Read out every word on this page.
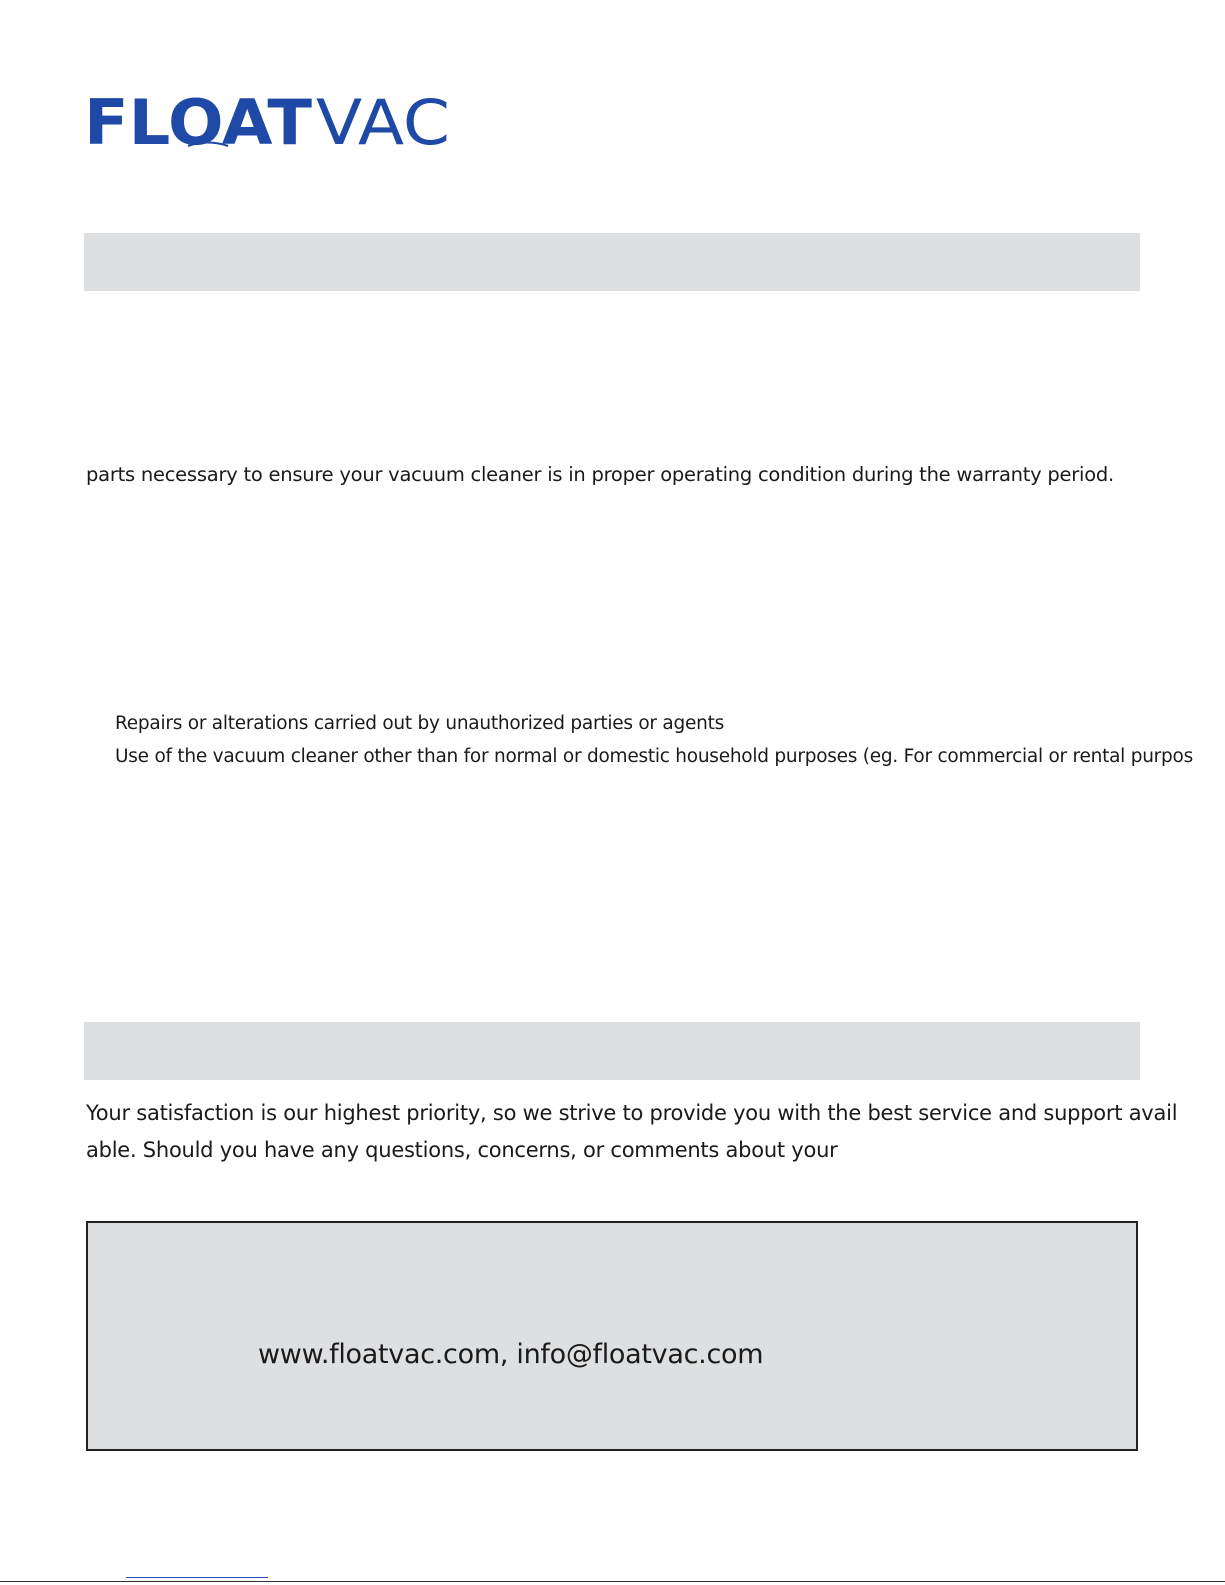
FLOAT VAC
parts necessary to ensure your vacuum cleaner is in proper operating condition during the warranty period.
Repairs or alterations carried out by unauthorized parties or agents
Use of the vacuum cleaner other than for normal or domestic household purposes (eg. For commercial or rental purpos
Your satisfaction is our highest priority, so we strive to provide you with the best service and support avail
able. Should you have any questions, concerns, or comments about your
www.floatvac.com, info@floatvac.com
